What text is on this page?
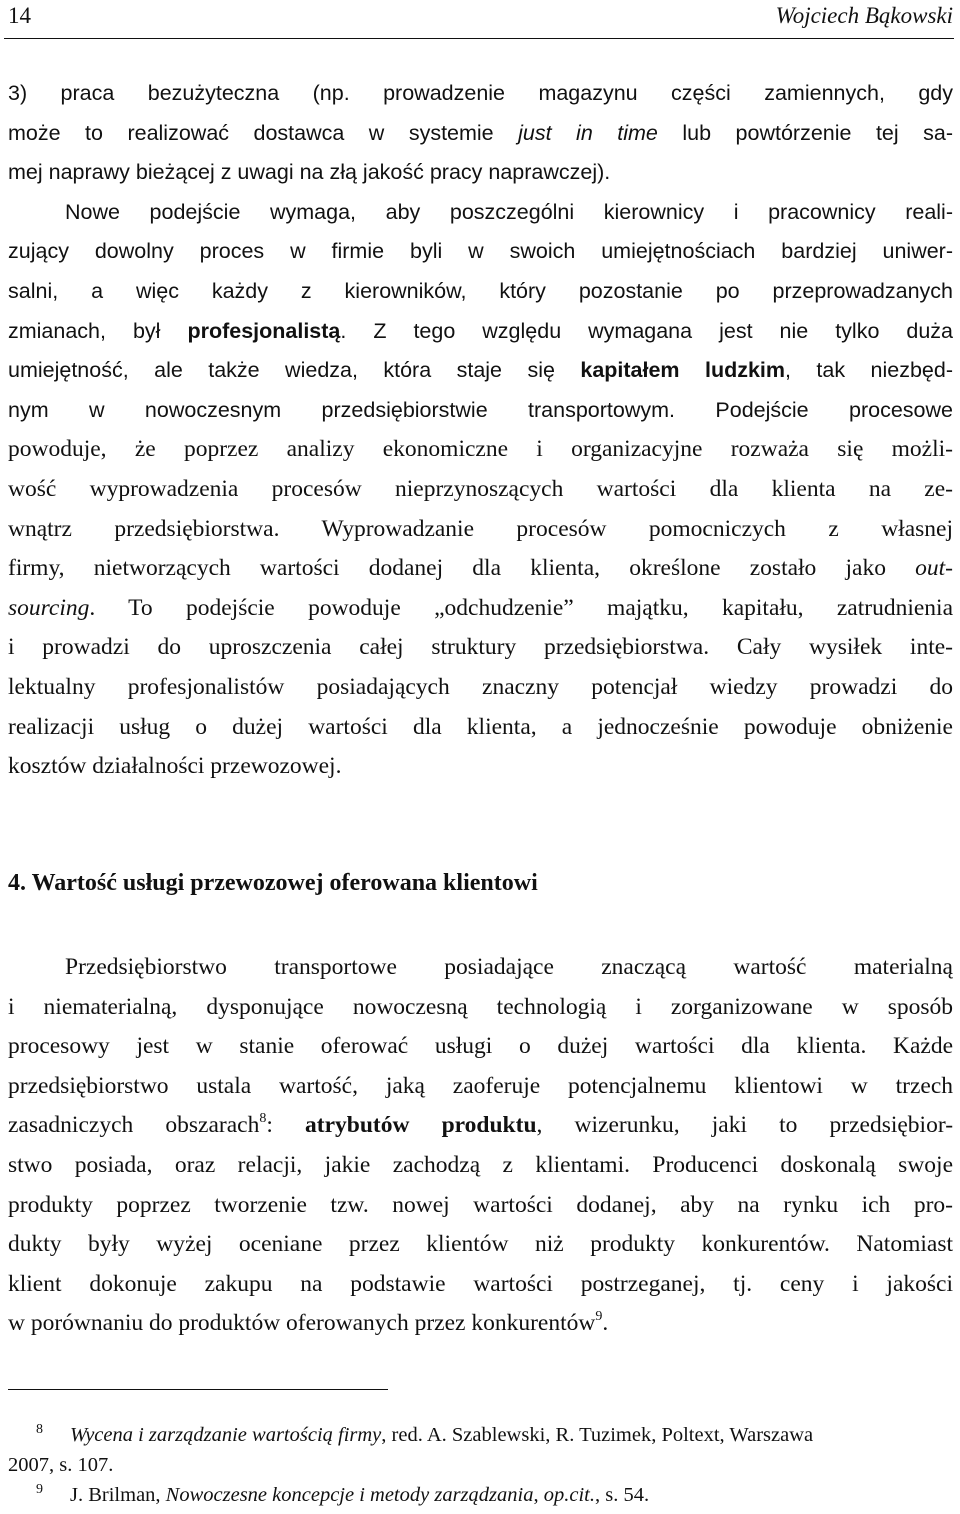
14	Wojciech Bąkowski
3) praca bezużyteczna (np. prowadzenie magazynu części zamiennych, gdy
może to realizować dostawca w systemie just in time lub powtórzenie tej sa-
mej naprawy bieżącej z uwagi na złą jakość pracy naprawczej).
Nowe podejście wymaga, aby poszczególni kierownicy i pracownicy reali-
zujący dowolny proces w firmie byli w swoich umiejętnościach bardziej uniwer-
salni, a więc każdy z kierowników, który pozostanie po przeprowadzanych
zmianach, był profesjonalistą. Z tego względu wymagana jest nie tylko duża
umiejętność, ale także wiedza, która staje się kapitałem ludzkim, tak niezbęd-
nym w nowoczesnym przedsiębiorstwie transportowym. Podejście procesowe
powoduje, że poprzez analizy ekonomiczne i organizacyjne rozważa się możli-
wość wyprowadzenia procesów nieprzynoszących wartości dla klienta na ze-
wnątrz przedsiębiorstwa. Wyprowadzanie procesów pomocniczych z własnej
firmy, nietworzących wartości dodanej dla klienta, określone zostało jako out-
sourcing. To podejście powoduje „odchudzenie” majątku, kapitału, zatrudnienia
i prowadzi do uproszczenia całej struktury przedsiębiorstwa. Cały wysiłek inte-
lektualny profesjonalistów posiadających znaczny potencjał wiedzy prowadzi do
realizacji usług o dużej wartości dla klienta, a jednocześnie powoduje obniżenie
kosztów działalności przewozowej.
4. Wartość usługi przewozowej oferowana klientowi
Przedsiębiorstwo transportowe posiadające znaczącą wartość materialną
i niematerialną, dysponujące nowoczesną technologią i zorganizowane w sposób
procesowy jest w stanie oferować usługi o dużej wartości dla klienta. Każde
przedsiębiorstwo ustala wartość, jaką zaoferuje potencjalnemu klientowi w trzech
zasadniczych obszarach$^8$: atrybutów produktu, wizerunku, jaki to przedsiębior-
stwo posiada, oraz relacji, jakie zachodzą z klientami. Producenci doskonalą swoje
produkty poprzez tworzenie tzw. nowej wartości dodanej, aby na rynku ich pro-
dukty były wyżej oceniane przez klientów niż produkty konkurentów. Natomiast
klient dokonuje zakupu na podstawie wartości postrzeganej, tj. ceny i jakości
w porównaniu do produktów oferowanych przez konkurentów$^9$.
8 Wycena i zarządzanie wartością firmy, red. A. Szablewski, R. Tuzimek, Poltext, Warszawa
2007, s. 107.
9 J. Brilman, Nowoczesne koncepcje i metody zarządzania, op.cit., s. 54.
